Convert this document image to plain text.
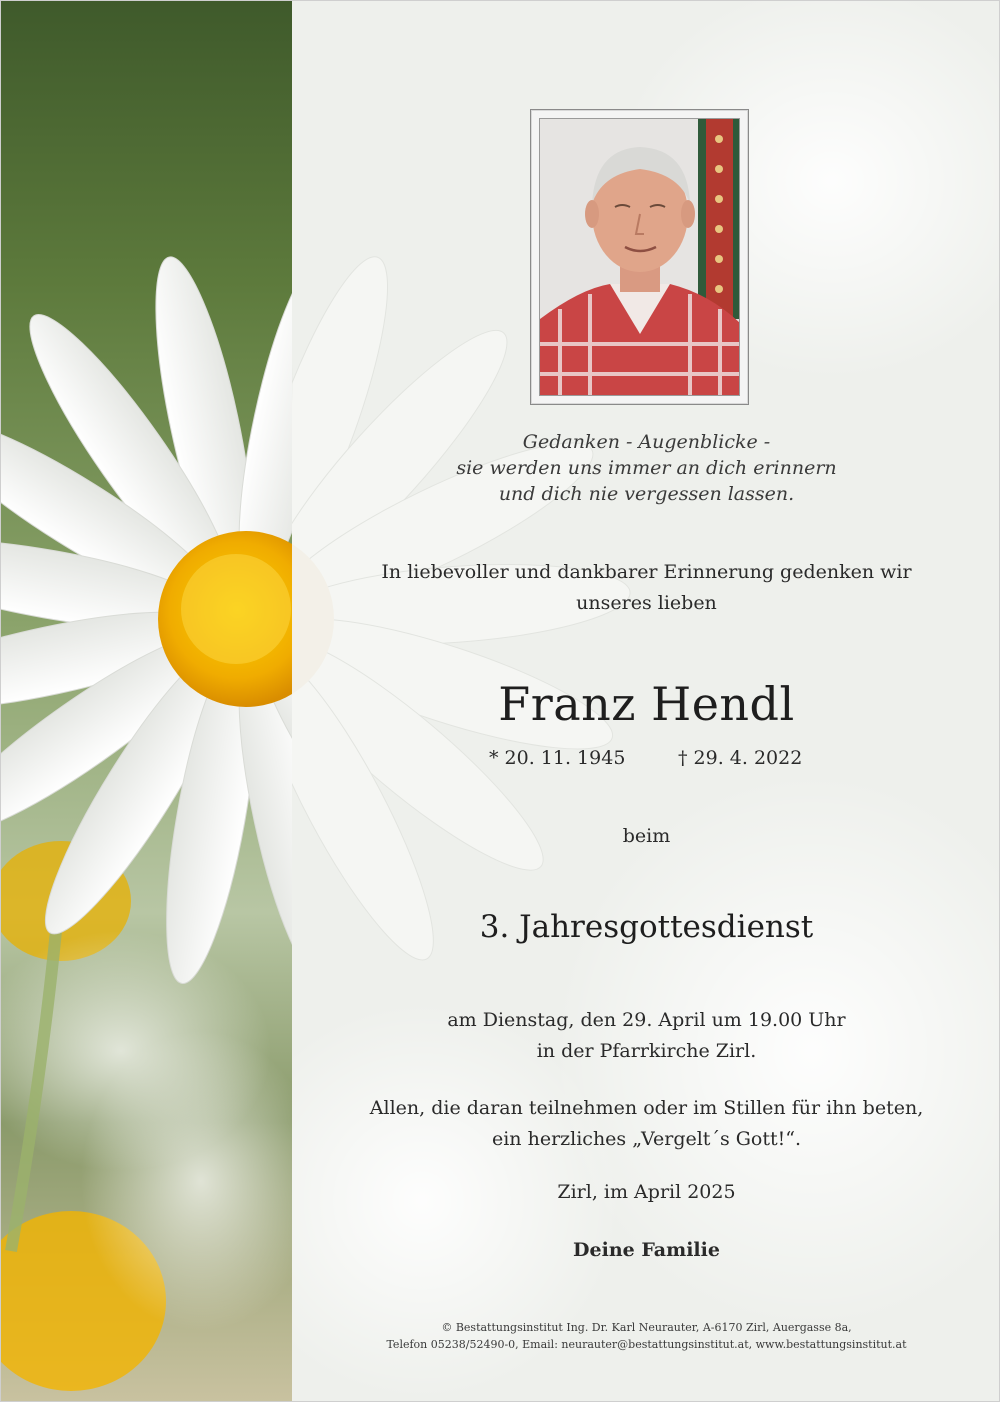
Gedanken - Augenblicke -
sie werden uns immer an dich erinnern
und dich nie vergessen lassen.
In liebevoller und dankbarer Erinnerung gedenken wir
unseres lieben
Franz Hendl
* 20. 11. 1945	† 29. 4. 2022
beim
3. Jahresgottesdienst
am Dienstag, den 29. April um 19.00 Uhr
in der Pfarrkirche Zirl.
Allen, die daran teilnehmen oder im Stillen für ihn beten,
ein herzliches „Vergelt´s Gott!“.
Zirl, im April 2025
Deine Familie
© Bestattungsinstitut Ing. Dr. Karl Neurauter, A-6170 Zirl, Auergasse 8a,
Telefon 05238/52490-0, Email: neurauter@bestattungsinstitut.at, www.bestattungsinstitut.at
